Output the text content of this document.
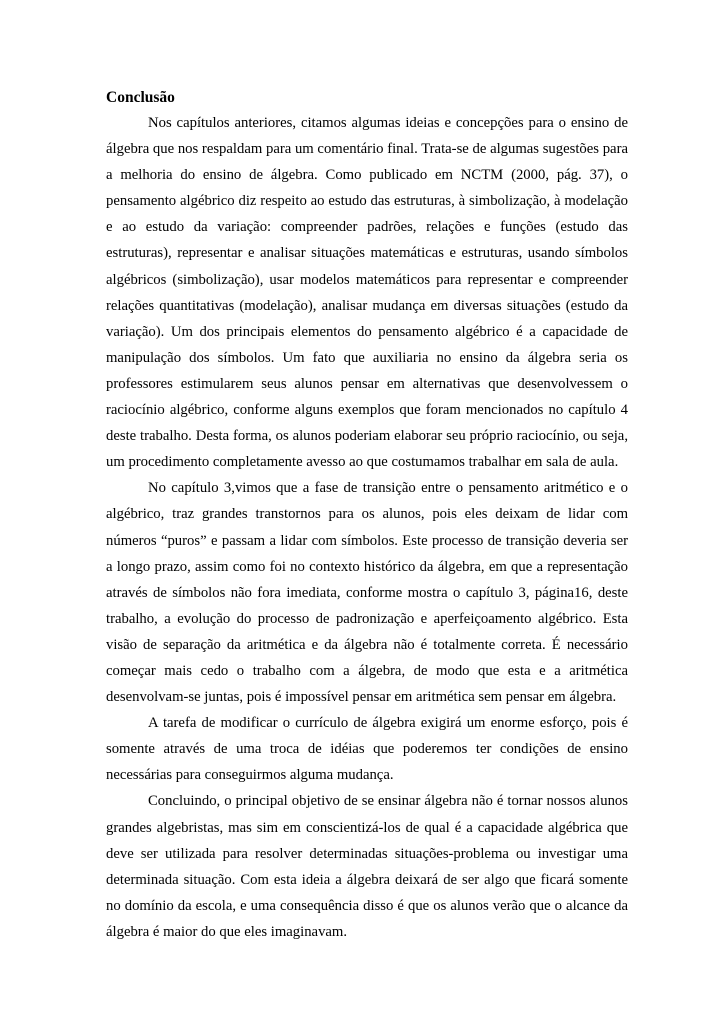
Conclusão

Nos capítulos anteriores, citamos algumas ideias e concepções para o ensino de álgebra que nos respaldam para um comentário final. Trata-se de algumas sugestões para a melhoria do ensino de álgebra. Como publicado em NCTM (2000, pág. 37), o pensamento algébrico diz respeito ao estudo das estruturas, à simbolização, à modelação e ao estudo da variação: compreender padrões, relações e funções (estudo das estruturas), representar e analisar situações matemáticas e estruturas, usando símbolos algébricos (simbolização), usar modelos matemáticos para representar e compreender relações quantitativas (modelação), analisar mudança em diversas situações (estudo da variação). Um dos principais elementos do pensamento algébrico é a capacidade de manipulação dos símbolos. Um fato que auxiliaria no ensino da álgebra seria os professores estimularem seus alunos pensar em alternativas que desenvolvessem o raciocínio algébrico, conforme alguns exemplos que foram mencionados no capítulo 4 deste trabalho. Desta forma, os alunos poderiam elaborar seu próprio raciocínio, ou seja, um procedimento completamente avesso ao que costumamos trabalhar em sala de aula.

No capítulo 3,vimos que a fase de transição entre o pensamento aritmético e o algébrico, traz grandes transtornos para os alunos, pois eles deixam de lidar com números “puros” e passam a lidar com símbolos. Este processo de transição deveria ser a longo prazo, assim como foi no contexto histórico da álgebra, em que a representação através de símbolos não fora imediata, conforme mostra o capítulo 3, página16, deste trabalho, a evolução do processo de padronização e aperfeiçoamento algébrico. Esta visão de separação da aritmética e da álgebra não é totalmente correta. É necessário começar mais cedo o trabalho com a álgebra, de modo que esta e a aritmética desenvolvam-se juntas, pois é impossível pensar em aritmética sem pensar em álgebra.

A tarefa de modificar o currículo de álgebra exigirá um enorme esforço, pois é somente através de uma troca de idéias que poderemos ter condições de ensino necessárias para conseguirmos alguma mudança.

Concluindo, o principal objetivo de se ensinar álgebra não é tornar nossos alunos grandes algebristas, mas sim em conscientizá-los de qual é a capacidade algébrica que deve ser utilizada para resolver determinadas situações-problema ou investigar uma determinada situação. Com esta ideia a álgebra deixará de ser algo que ficará somente no domínio da escola, e uma consequência disso é que os alunos verão que o alcance da álgebra é maior do que eles imaginavam.
